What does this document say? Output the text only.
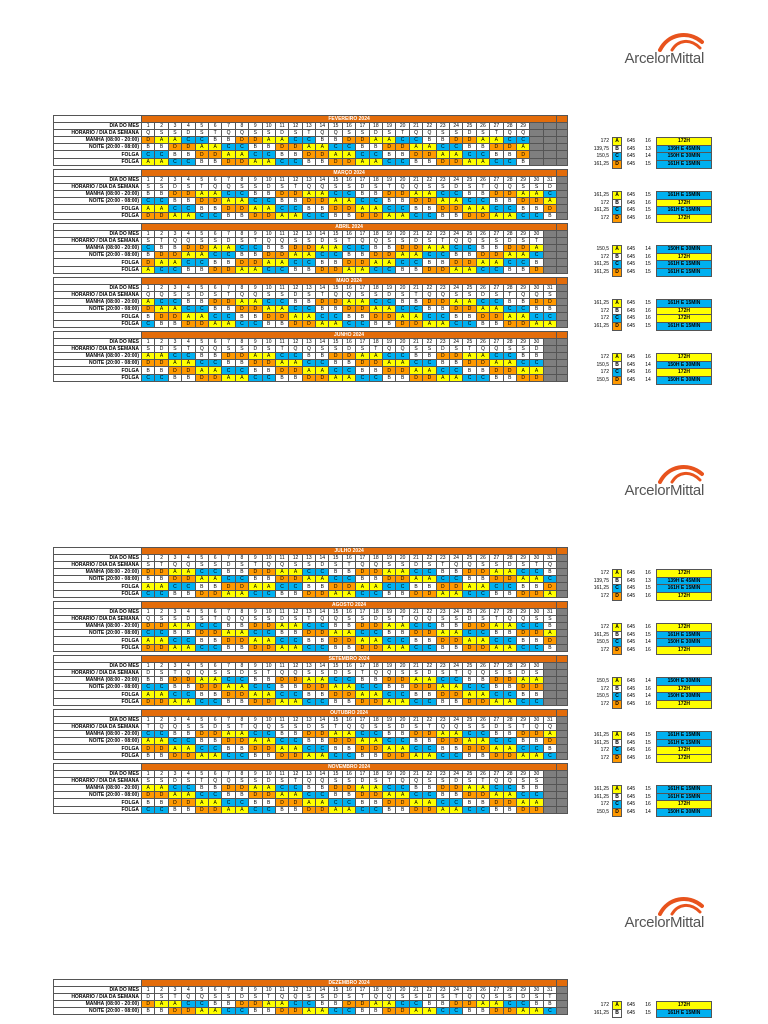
ArcelorMittal
ArcelorMittal
ArcelorMittal
	FEVEREIRO 2024																															
DIA DO MÊS	1	2	3	4	5	6	7	8	9	10	11	12	13	14	15	16	17	18	19	20	21	22	23	24	25	26	27	28	29			
HORÁRIO / DIA DA SEMANA	Q	S	S	D	S	T	Q	Q	S	S	D	S	T	Q	Q	S	S	D	S	T	Q	Q	S	S	D	S	T	Q	Q			
MANHÃ (08:00 - 20:00)	D	A	A	C	C	B	B	D	D	A	A	C	C	B	B	D	D	A	A	C	C	B	B	D	D	A	A	C	C			
NOITE (20:00 - 08:00)	B	B	D	D	A	A	C	C	B	B	D	D	A	A	C	C	B	B	D	D	A	A	C	C	B	B	D	D	A			
FOLGA	C	C	B	B	D	D	A	A	C	C	B	B	D	D	A	A	C	C	B	B	D	D	A	A	C	C	B	B	D			
FOLGA	A	A	C	C	B	B	D	D	A	A	C	C	B	B	D	D	A	A	C	C	B	B	D	D	A	A	C	C	B			
172	A	645	16	172H
139,75	B	645	13	139H E 45MIN
150,5	C	645	14	150H E 30MIN
161,25	D	645	15	161H E 15MIN
	MARÇO 2024																															
DIA DO MÊS	1	2	3	4	5	6	7	8	9	10	11	12	13	14	15	16	17	18	19	20	21	22	23	24	25	26	27	28	29	30	31	
HORÁRIO / DIA DA SEMANA	S	S	D	S	T	Q	Q	S	S	D	S	T	Q	Q	S	S	D	S	T	Q	Q	S	S	D	S	T	Q	Q	S	S	D	
MANHÃ (08:00 - 20:00)	B	B	D	D	A	A	C	C	B	B	D	D	A	A	C	C	B	B	D	D	A	A	C	C	B	B	D	D	A	A	C	
NOITE (20:00 - 08:00)	C	C	B	B	D	D	A	A	C	C	B	B	D	D	A	A	C	C	B	B	D	D	A	A	C	C	B	B	D	D	A	
FOLGA	A	A	C	C	B	B	D	D	A	A	C	C	B	B	D	D	A	A	C	C	B	B	D	D	A	A	C	C	B	B	D	
FOLGA	D	D	A	A	C	C	B	B	D	D	A	A	C	C	B	B	D	D	A	A	C	C	B	B	D	D	A	A	C	C	B	
161,25	A	645	15	161H E 15MIN
172	B	645	16	172H
161,25	C	645	15	161H E 15MIN
172	D	645	16	172H
	ABRIL 2024																															
DIA DO MÊS	1	2	3	4	5	6	7	8	9	10	11	12	13	14	15	16	17	18	19	20	21	22	23	24	25	26	27	28	29	30		
HORÁRIO / DIA DA SEMANA	S	T	Q	Q	S	S	D	S	T	Q	Q	S	S	D	S	T	Q	Q	S	S	D	S	T	Q	Q	S	S	D	S	T		
MANHÃ (08:00 - 20:00)	C	B	B	D	D	A	A	C	C	B	B	D	D	A	A	C	C	B	B	D	D	A	A	C	C	B	B	D	D	A		
NOITE (20:00 - 08:00)	B	D	D	A	A	C	C	B	B	D	D	A	A	C	C	B	B	D	D	A	A	C	C	B	B	D	D	A	A	C		
FOLGA	D	A	A	C	C	B	B	D	D	A	A	C	C	B	B	D	D	A	A	C	C	B	B	D	D	A	A	C	C	B		
FOLGA	A	C	C	B	B	D	D	A	A	C	C	B	B	D	D	A	A	C	C	B	B	D	D	A	A	C	C	B	B	D		
150,5	A	645	14	150H E 30MIN
172	B	645	16	172H
161,25	C	645	15	161H E 15MIN
161,25	D	645	15	161H E 15MIN
	MAIO 2024																															
DIA DO MÊS	1	2	3	4	5	6	7	8	9	10	11	12	13	14	15	16	17	18	19	20	21	22	23	24	25	26	27	28	29	30	31	
HORÁRIO / DIA DA SEMANA	Q	Q	S	S	D	S	T	Q	Q	S	S	D	S	T	Q	Q	S	S	D	S	T	Q	Q	S	S	D	S	T	Q	Q	S	
MANHÃ (08:00 - 20:00)	A	C	C	B	B	D	D	A	A	C	C	B	B	D	D	A	A	C	C	B	B	D	D	A	A	C	C	B	B	D	D	
NOITE (20:00 - 08:00)	D	A	A	C	C	B	B	D	D	A	A	C	C	B	B	D	D	A	A	C	C	B	B	D	D	A	A	C	C	B	B	
FOLGA	B	D	D	A	A	C	C	B	B	D	D	A	A	C	C	B	B	D	D	A	A	C	C	B	B	D	D	A	A	C	C	
FOLGA	C	B	B	D	D	A	A	C	C	B	B	D	D	A	A	C	C	B	B	D	D	A	A	C	C	B	B	D	D	A	A	
161,25	A	645	15	161H E 15MIN
172	B	645	16	172H
172	C	645	16	172H
161,25	D	645	15	161H E 15MIN
	JUNHO 2024																															
DIA DO MÊS	1	2	3	4	5	6	7	8	9	10	11	12	13	14	15	16	17	18	19	20	21	22	23	24	25	26	27	28	29	30		
HORÁRIO / DIA DA SEMANA	S	D	S	T	Q	Q	S	S	D	S	T	Q	Q	S	S	D	S	T	Q	Q	S	S	D	S	T	Q	Q	S	S	D		
MANHÃ (08:00 - 20:00)	A	A	C	C	B	B	D	D	A	A	C	C	B	B	D	D	A	A	C	C	B	B	D	D	A	A	C	C	B	B		
NOITE (20:00 - 08:00)	D	D	A	A	C	C	B	B	D	D	A	A	C	C	B	B	D	D	A	A	C	C	B	B	D	D	A	A	C	C		
FOLGA	B	B	D	D	A	A	C	C	B	B	D	D	A	A	C	C	B	B	D	D	A	A	C	C	B	B	D	D	A	A		
FOLGA	C	C	B	B	D	D	A	A	C	C	B	B	D	D	A	A	C	C	B	B	D	D	A	A	C	C	B	B	D	D		
172	A	645	16	172H
150,5	B	645	14	150H E 30MIN
172	C	645	16	172H
150,5	D	645	14	150H E 30MIN
	JULHO 2024																															
DIA DO MÊS	1	2	3	4	5	6	7	8	9	10	11	12	13	14	15	16	17	18	19	20	21	22	23	24	25	26	27	28	29	30	31	
HORÁRIO / DIA DA SEMANA	S	T	Q	Q	S	S	D	S	T	Q	Q	S	S	D	S	T	Q	Q	S	S	D	S	T	Q	Q	S	S	D	S	T	Q	
MANHÃ (08:00 - 20:00)	D	D	A	A	C	C	B	B	D	D	A	A	C	C	B	B	D	D	A	A	C	C	B	B	D	D	A	A	C	C	B	
NOITE (20:00 - 08:00)	B	B	D	D	A	A	C	C	B	B	D	D	A	A	C	C	B	B	D	D	A	A	C	C	B	B	D	D	A	A	C	
FOLGA	A	A	C	C	B	B	D	D	A	A	C	C	B	B	D	D	A	A	C	C	B	B	D	D	A	A	C	C	B	B	D	
FOLGA	C	C	B	B	D	D	A	A	C	C	B	B	D	D	A	A	C	C	B	B	D	D	A	A	C	C	B	B	D	D	A	
172	A	645	16	172H
139,75	B	645	13	139H E 45MIN
161,25	C	645	15	161H E 15MIN
172	D	645	16	172H
	AGOSTO 2024																															
DIA DO MÊS	1	2	3	4	5	6	7	8	9	10	11	12	13	14	15	16	17	18	19	20	21	22	23	24	25	26	27	28	29	30	31	
HORÁRIO / DIA DA SEMANA	Q	S	S	D	S	T	Q	Q	S	S	D	S	T	Q	Q	S	S	D	S	T	Q	Q	S	S	D	S	T	Q	Q	S	S	
MANHÃ (08:00 - 20:00)	D	D	A	A	C	C	B	B	D	D	A	A	C	C	B	B	D	D	A	A	C	C	B	B	D	D	A	A	C	C	B	
NOITE (20:00 - 08:00)	C	C	B	B	D	D	A	A	C	C	B	B	D	D	A	A	C	C	B	B	D	D	A	A	C	C	B	B	D	D	A	
FOLGA	A	A	C	C	B	B	D	D	A	A	C	C	B	B	D	D	A	A	C	C	B	B	D	D	A	A	C	C	B	B	D	
FOLGA	D	D	A	A	C	C	B	B	D	D	A	A	C	C	B	B	D	D	A	A	C	C	B	B	D	D	A	A	C	C	B	
172	A	645	16	172H
161,25	B	645	15	161H E 15MIN
150,5	C	645	14	150H E 30MIN
172	D	645	16	172H
	SETEMBRO 2024																															
DIA DO MÊS	1	2	3	4	5	6	7	8	9	10	11	12	13	14	15	16	17	18	19	20	21	22	23	24	25	26	27	28	29	30		
HORÁRIO / DIA DA SEMANA	D	S	T	Q	Q	S	S	D	S	T	Q	Q	S	S	D	S	T	Q	Q	S	S	D	S	T	Q	Q	S	S	D	S		
MANHÃ (08:00 - 20:00)	B	B	D	D	A	A	C	C	B	B	D	D	A	A	C	C	B	B	D	D	A	A	C	C	B	B	D	D	A	A		
NOITE (20:00 - 08:00)	C	C	B	B	D	D	A	A	C	C	B	B	D	D	A	A	C	C	B	B	D	D	A	A	C	C	B	B	D	D		
FOLGA	A	A	C	C	B	B	D	D	A	A	C	C	B	B	D	D	A	A	C	C	B	B	D	D	A	A	C	C	B	B		
FOLGA	D	D	A	A	C	C	B	B	D	D	A	A	C	C	B	B	D	D	A	A	C	C	B	B	D	D	A	A	C	C		
150,5	A	645	14	150H E 30MIN
172	B	645	16	172H
150,5	C	645	14	150H E 30MIN
172	D	645	16	172H
	OUTUBRO 2024																															
DIA DO MÊS	1	2	3	4	5	6	7	8	9	10	11	12	13	14	15	16	17	18	19	20	21	22	23	24	25	26	27	28	29	30	31	
HORÁRIO / DIA DA SEMANA	T	Q	Q	S	S	D	S	T	Q	Q	S	S	D	S	T	Q	Q	S	S	D	S	T	Q	Q	S	S	D	S	T	Q	Q	
MANHÃ (08:00 - 20:00)	C	C	B	B	D	D	A	A	C	C	B	B	D	D	A	A	C	C	B	B	D	D	A	A	C	C	B	B	D	D	A	
NOITE (20:00 - 08:00)	A	A	C	C	B	B	D	D	A	A	C	C	B	B	D	D	A	A	C	C	B	B	D	D	A	A	C	C	B	B	D	
FOLGA	D	D	A	A	C	C	B	B	D	D	A	A	C	C	B	B	D	D	A	A	C	C	B	B	D	D	A	A	C	C	B	
FOLGA	B	B	D	D	A	A	C	C	B	B	D	D	A	A	C	C	B	B	D	D	A	A	C	C	B	B	D	D	A	A	C	
161,25	A	645	15	161H E 15MIN
161,25	B	645	15	161H E 15MIN
172	C	645	16	172H
172	D	645	16	172H
	NOVEMBRO 2024																															
DIA DO MÊS	1	2	3	4	5	6	7	8	9	10	11	12	13	14	15	16	17	18	19	20	21	22	23	24	25	26	27	28	29	30		
HORÁRIO / DIA DA SEMANA	S	S	D	S	T	Q	Q	S	S	D	S	T	Q	Q	S	S	D	S	T	Q	Q	S	S	D	S	T	Q	Q	S	S		
MANHÃ (08:00 - 20:00)	A	A	C	C	B	B	D	D	A	A	C	C	B	B	D	D	A	A	C	C	B	B	D	D	A	A	C	C	B	B		
NOITE (20:00 - 08:00)	D	D	A	A	C	C	B	B	D	D	A	A	C	C	B	B	D	D	A	A	C	C	B	B	D	D	A	A	C	C		
FOLGA	B	B	D	D	A	A	C	C	B	B	D	D	A	A	C	C	B	B	D	D	A	A	C	C	B	B	D	D	A	A		
FOLGA	C	C	B	B	D	D	A	A	C	C	B	B	D	D	A	A	C	C	B	B	D	D	A	A	C	C	B	B	D	D		
161,25	A	645	15	161H E 15MIN
161,25	B	645	15	161H E 15MIN
172	C	645	16	172H
150,5	D	645	14	150H E 30MIN
	DEZEMBRO 2024																															
DIA DO MÊS	1	2	3	4	5	6	7	8	9	10	11	12	13	14	15	16	17	18	19	20	21	22	23	24	25	26	27	28	29	30	31	
HORÁRIO / DIA DA SEMANA	D	S	T	Q	Q	S	S	D	S	T	Q	Q	S	S	D	S	T	Q	Q	S	S	D	S	T	Q	Q	S	S	D	S	T	
MANHÃ (08:00 - 20:00)	D	A	A	C	C	B	B	D	D	A	A	C	C	B	B	D	D	A	A	C	C	B	B	D	D	A	A	C	C	B	B	
NOITE (20:00 - 08:00)	B	B	D	D	A	A	C	C	B	B	D	D	A	A	C	C	B	B	D	D	A	A	C	C	B	B	D	D	A	A	C	
172	A	645	16	172H
161,25	B	645	15	161H E 15MIN
